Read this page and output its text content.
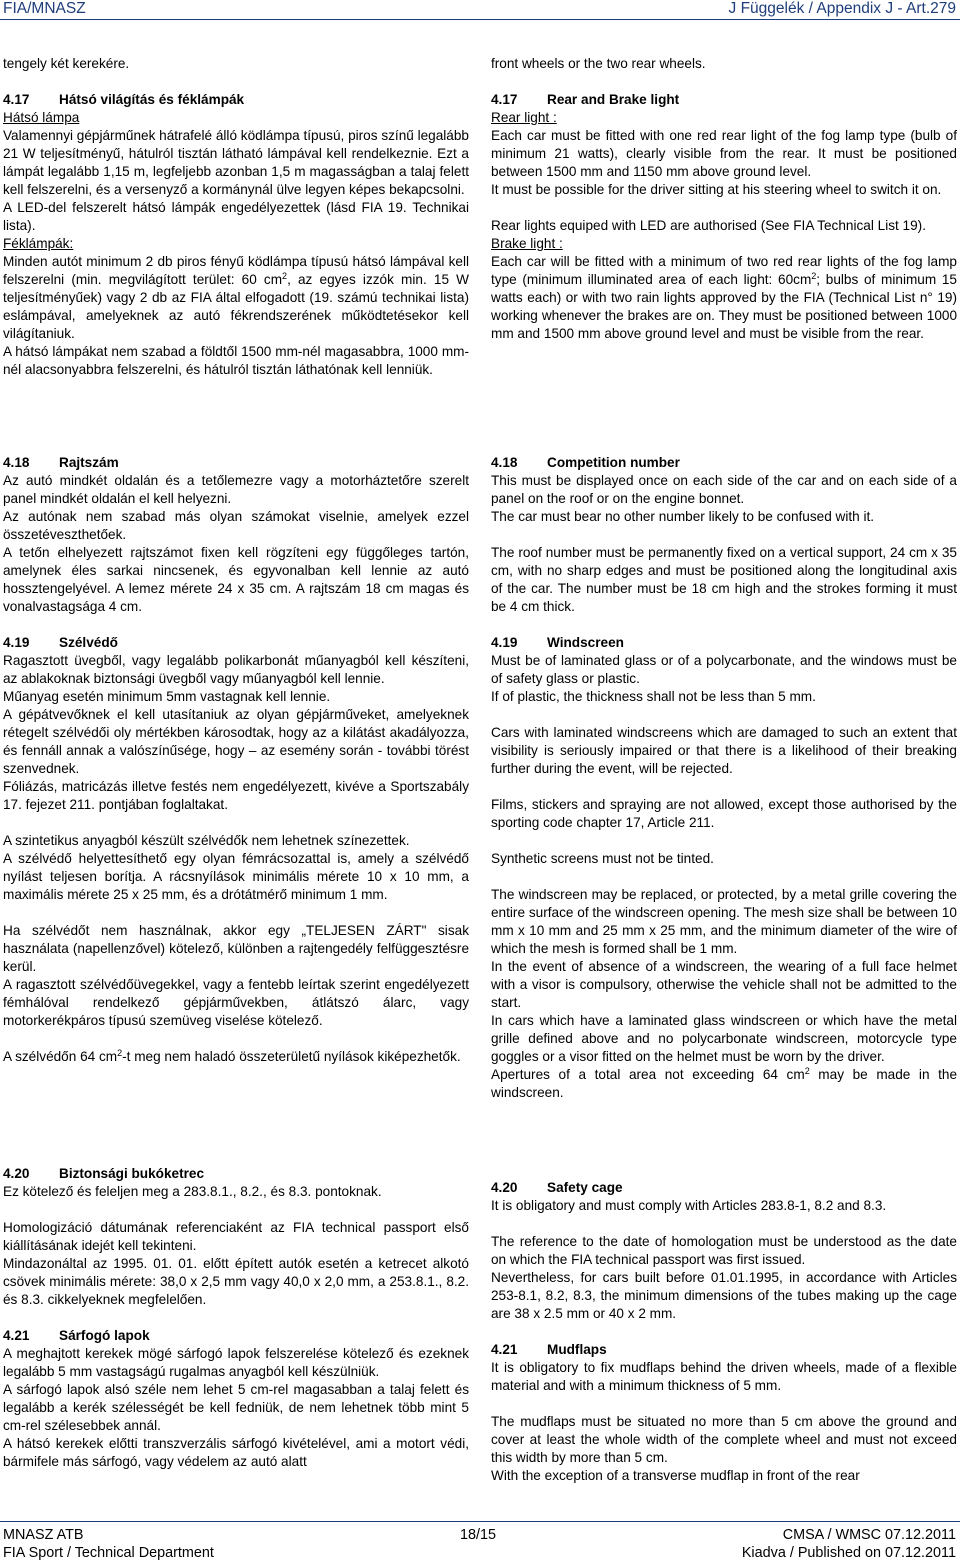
FIA/MNASZ	J Függelék / Appendix J - Art.279

tengely két kerekére.

4.17 Hátsó világítás és féklámpák

Hátsó lámpa

Valamennyi gépjárműnek hátrafelé álló ködlámpa típusú, piros színű legalább 21 W teljesítményű, hátulról tisztán látható lámpával kell rendelkeznie. Ezt a lámpát legalább 1,15 m, legfeljebb azonban 1,5 m magasságban a talaj felett kell felszerelni, és a versenyző a kormánynál ülve legyen képes bekapcsolni.

A LED-del felszerelt hátsó lámpák engedélyezettek (lásd FIA 19. Technikai lista).

Féklámpák:

Minden autót minimum 2 db piros fényű ködlámpa típusú hátsó lámpával kell felszerelni (min. megvilágított terület: 60 $cm^2$, az egyes izzók min. 15 W teljesítményűek) vagy 2 db az FIA által elfogadott (19. számú technikai lista) eslámpával, amelyeknek az autó fékrendszerének működtetésekor kell világítaniuk.

A hátsó lámpákat nem szabad a földtől 1500 mm-nél magasabbra, 1000 mm-nél alacsonyabbra felszerelni, és hátulról tisztán láthatónak kell lenniük.

4.18 Rajtszám

Az autó mindkét oldalán és a tetőlemezre vagy a motorháztetőre szerelt panel mindkét oldalán el kell helyezni.

Az autónak nem szabad más olyan számokat viselnie, amelyek ezzel összetéveszthetőek.

A tetőn elhelyezett rajtszámot fixen kell rögzíteni egy függőleges tartón, amelynek éles sarkai nincsenek, és egyvonalban kell lennie az autó hossztengelyével. A lemez mérete 24 x 35 cm. A rajtszám 18 cm magas és vonalvastagsága 4 cm.

4.19 Szélvédő

Ragasztott üvegből, vagy legalább polikarbonát műanyagból kell készíteni, az ablakoknak biztonsági üvegből vagy műanyagból kell lennie.

Műanyag esetén minimum 5mm vastagnak kell lennie.

A gépátvevőknek el kell utasítaniuk az olyan gépjárműveket, amelyeknek rétegelt szélvédői oly mértékben károsodtak, hogy az a kilátást akadályozza, és fennáll annak a valószínűsége, hogy – az esemény során - további törést szenvednek.

Fóliázás, matricázás illetve festés nem engedélyezett, kivéve a Sportszabály 17. fejezet 211. pontjában foglaltakat.

A szintetikus anyagból készült szélvédők nem lehetnek színezettek.

A szélvédő helyettesíthető egy olyan fémrácsozattal is, amely a szélvédő nyílást teljesen borítja. A rácsnyílások minimális mérete 10 x 10 mm, a maximális mérete 25 x 25 mm, és a drótátmérő minimum 1 mm.

Ha szélvédőt nem használnak, akkor egy „TELJESEN ZÁRT" sisak használata (napellenzővel) kötelező, különben a rajtengedély felfüggesztésre kerül.

A ragasztott szélvédőüvegekkel, vagy a fentebb leírtak szerint engedélyezett fémhálóval rendelkező gépjárművekben, átlátszó álarc, vagy motorkerékpáros típusú szemüveg viselése kötelező.

A szélvédőn 64 $cm^2-t$ meg nem haladó összeterületű nyílások kiképezhetők.

4.20 Biztonsági bukóketrec

Ez kötelező és feleljen meg a 283.8.1., 8.2., és 8.3. pontoknak.

Homologizáció dátumának referenciaként az FIA technical passport első kiállításának idejét kell tekinteni.

Mindazonáltal az 1995. 01. 01. előtt épített autók esetén a ketrecet alkotó csövek minimális mérete: 38,0 x 2,5 mm vagy 40,0 x 2,0 mm, a 253.8.1., 8.2. és 8.3. cikkelyeknek megfelelően.

4.21 Sárfogó lapok

A meghajtott kerekek mögé sárfogó lapok felszerelése kötelező és ezeknek legalább 5 mm vastagságú rugalmas anyagból kell készülniük.

A sárfogó lapok alsó széle nem lehet 5 cm-rel magasabban a talaj felett és legalább a kerék szélességét be kell fedniük, de nem lehetnek több mint 5 cm-rel szélesebbek annál.

A hátsó kerekek előtti transzverzális sárfogó kivételével, ami a motort védi, bármifele más sárfogó, vagy védelem az autó alatt

front wheels or the two rear wheels.

4.17 Rear and Brake light

Rear light :

Each car must be fitted with one red rear light of the fog lamp type (bulb of minimum 21 watts), clearly visible from the rear. It must be positioned between 1500 mm and 1150 mm above ground level.

It must be possible for the driver sitting at his steering wheel to switch it on.

Rear lights equiped with LED are authorised (See FIA Technical List 19).

Brake light :

Each car will be fitted with a minimum of two red rear lights of the fog lamp type (minimum illuminated area of each light: $60cm^2$; bulbs of minimum 15 watts each) or with two rain lights approved by the FIA (Technical List n° 19) working whenever the brakes are on. They must be positioned between 1000 mm and 1500 mm above ground level and must be visible from the rear.

4.18 Competition number

This must be displayed once on each side of the car and on each side of a panel on the roof or on the engine bonnet.

The car must bear no other number likely to be confused with it.

The roof number must be permanently fixed on a vertical support, 24 cm x 35 cm, with no sharp edges and must be positioned along the longitudinal axis of the car. The number must be 18 cm high and the strokes forming it must be 4 cm thick.

4.19 Windscreen

Must be of laminated glass or of a polycarbonate, and the windows must be of safety glass or plastic.

If of plastic, the thickness shall not be less than 5 mm.

Cars with laminated windscreens which are damaged to such an extent that visibility is seriously impaired or that there is a likelihood of their breaking further during the event, will be rejected.

Films, stickers and spraying are not allowed, except those authorised by the sporting code chapter 17, Article 211.

Synthetic screens must not be tinted.

The windscreen may be replaced, or protected, by a metal grille covering the entire surface of the windscreen opening. The mesh size shall be between 10 mm x 10 mm and 25 mm x 25 mm, and the minimum diameter of the wire of which the mesh is formed shall be 1 mm.

In the event of absence of a windscreen, the wearing of a full face helmet with a visor is compulsory, otherwise the vehicle shall not be admitted to the start.

In cars which have a laminated glass windscreen or which have the metal grille defined above and no polycarbonate windscreen, motorcycle type goggles or a visor fitted on the helmet must be worn by the driver.

Apertures of a total area not exceeding 64 $cm^2$ may be made in the windscreen.

4.20 Safety cage

It is obligatory and must comply with Articles 283.8-1, 8.2 and 8.3.

The reference to the date of homologation must be understood as the date on which the FIA technical passport was first issued.

Nevertheless, for cars built before 01.01.1995, in accordance with Articles 253-8.1, 8.2, 8.3, the minimum dimensions of the tubes making up the cage are 38 x 2.5 mm or 40 x 2 mm.

4.21 Mudflaps

It is obligatory to fix mudflaps behind the driven wheels, made of a flexible material and with a minimum thickness of 5 mm.

The mudflaps must be situated no more than 5 cm above the ground and cover at least the whole width of the complete wheel and must not exceed this width by more than 5 cm.

With the exception of a transverse mudflap in front of the rear

MNASZ ATB
FIA Sport / Technical Department
18/15	CMSA / WMSC 07.12.2011
Kiadva / Published on 07.12.2011
